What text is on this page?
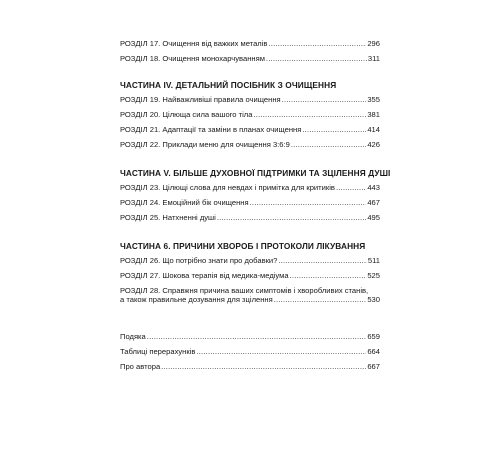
РОЗДІЛ 17. Очищення від важких металів .....	296
РОЗДІЛ 18. Очищення монохарчуванням .....	311
ЧАСТИНА IV. ДЕТАЛЬНИЙ ПОСІБНИК З ОЧИЩЕННЯ
РОЗДІЛ 19. Найважливіші правила очищення .....	355
РОЗДІЛ 20. Цілюща сила вашого тіла .....	381
РОЗДІЛ 21. Адаптації та заміни в планах очищення .....	414
РОЗДІЛ 22. Приклади меню для очищення 3:6:9 .....	426
ЧАСТИНА V. БІЛЬШЕ ДУХОВНОЇ ПІДТРИМКИ ТА ЗЦІЛЕННЯ ДУШІ
РОЗДІЛ 23. Цілющі слова для невдах і примітка для критиків .....	443
РОЗДІЛ 24. Емоційний бік очищення .....	467
РОЗДІЛ 25. Натхненні душі .....	495
ЧАСТИНА 6. ПРИЧИНИ ХВОРОБ І ПРОТОКОЛИ ЛІКУВАННЯ
РОЗДІЛ 26. Що потрібно знати про добавки? .....	511
РОЗДІЛ 27. Шокова терапія від медика-медіума .....	525
РОЗДІЛ 28. Справжня причина ваших симптомів і хворобливих станів,
а також правильне дозування для зцілення .....	530
Подяка .....	659
Таблиці перерахунків .....	664
Про автора .....	667
